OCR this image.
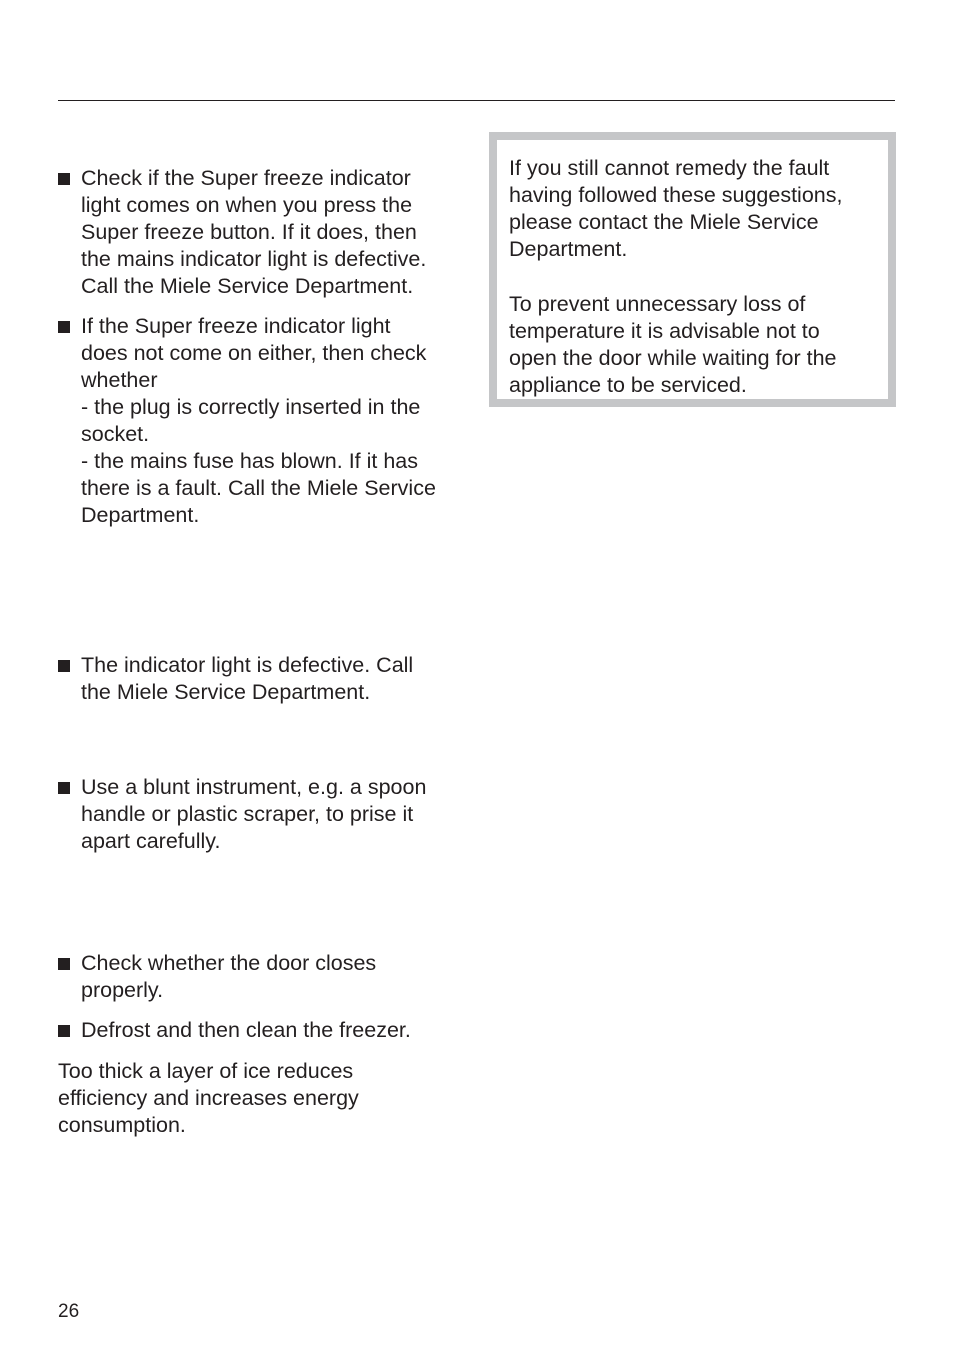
Check if the Super freeze indicator
light comes on when you press the
Super freeze button. If it does, then
the mains indicator light is defective.
Call the Miele Service Department.
If the Super freeze indicator light
does not come on either, then check
whether
- the plug is correctly inserted in the
socket.
- the mains fuse has blown. If it has
there is a fault. Call the Miele Service
Department.
The indicator light is defective. Call
the Miele Service Department.
Use a blunt instrument, e.g. a spoon
handle or plastic scraper, to prise it
apart carefully.
Check whether the door closes
properly.
Defrost and then clean the freezer.
Too thick a layer of ice reduces
efficiency and increases energy
consumption.

If you still cannot remedy the fault
having followed these suggestions,
please contact the Miele Service
Department.

To prevent unnecessary loss of
temperature it is advisable not to
open the door while waiting for the
appliance to be serviced.

26
